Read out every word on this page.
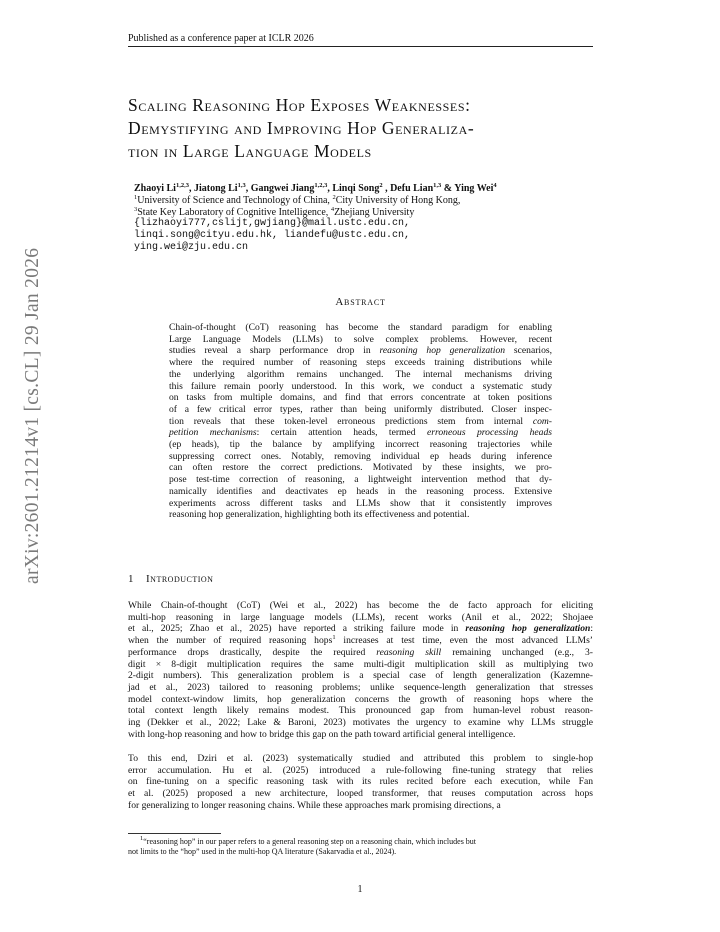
Published as a conference paper at ICLR 2026
arXiv:2601.21214v1 [cs.CL] 29 Jan 2026
Scaling Reasoning Hop Exposes Weaknesses:
Demystifying and Improving Hop Generaliza-
tion in Large Language Models
Zhaoyi Li$^{1,2,3}$, Jiatong Li$^{1,3}$, Gangwei Jiang$^{1,2,3}$, Linqi Song$^2$ , Defu Lian$^{1,3}$ & Ying Wei$^4$
$^1$University of Science and Technology of China, $^2$City University of Hong Kong,
$^3$State Key Laboratory of Cognitive Intelligence, $^4$Zhejiang University
{lizhaoyi777,cslijt,gwjiang}@mail.ustc.edu.cn,
linqi.song@cityu.edu.hk, liandefu@ustc.edu.cn,
ying.wei@zju.edu.cn
Abstract
Chain-of-thought (CoT) reasoning has become the standard paradigm for enabling
Large Language Models (LLMs) to solve complex problems. However, recent
studies reveal a sharp performance drop in reasoning hop generalization scenarios,
where the required number of reasoning steps exceeds training distributions while
the underlying algorithm remains unchanged. The internal mechanisms driving
this failure remain poorly understood. In this work, we conduct a systematic study
on tasks from multiple domains, and find that errors concentrate at token positions
of a few critical error types, rather than being uniformly distributed. Closer inspec-
tion reveals that these token-level erroneous predictions stem from internal com-
petition mechanisms: certain attention heads, termed erroneous processing heads
(ep heads), tip the balance by amplifying incorrect reasoning trajectories while
suppressing correct ones. Notably, removing individual ep heads during inference
can often restore the correct predictions. Motivated by these insights, we pro-
pose test-time correction of reasoning, a lightweight intervention method that dy-
namically identifies and deactivates ep heads in the reasoning process. Extensive
experiments across different tasks and LLMs show that it consistently improves
reasoning hop generalization, highlighting both its effectiveness and potential.
1 Introduction
While Chain-of-thought (CoT) (Wei et al., 2022) has become the de facto approach for eliciting
multi-hop reasoning in large language models (LLMs), recent works (Anil et al., 2022; Shojaee
et al., 2025; Zhao et al., 2025) have reported a striking failure mode in reasoning hop generalization:
when the number of required reasoning hops$^1$ increases at test time, even the most advanced LLMs’
performance drops drastically, despite the required reasoning skill remaining unchanged (e.g., 3-
digit × 8-digit multiplication requires the same multi-digit multiplication skill as multiplying two
2-digit numbers). This generalization problem is a special case of length generalization (Kazemne-
jad et al., 2023) tailored to reasoning problems; unlike sequence-length generalization that stresses
model context-window limits, hop generalization concerns the growth of reasoning hops where the
total context length likely remains modest. This pronounced gap from human-level robust reason-
ing (Dekker et al., 2022; Lake & Baroni, 2023) motivates the urgency to examine why LLMs struggle
with long-hop reasoning and how to bridge this gap on the path toward artificial general intelligence.
To this end, Dziri et al. (2023) systematically studied and attributed this problem to single-hop
error accumulation. Hu et al. (2025) introduced a rule-following fine-tuning strategy that relies
on fine-tuning on a specific reasoning task with its rules recited before each execution, while Fan
et al. (2025) proposed a new architecture, looped transformer, that reuses computation across hops
for generalizing to longer reasoning chains. While these approaches mark promising directions, a
$^1$“reasoning hop” in our paper refers to a general reasoning step on a reasoning chain, which includes but
not limits to the “hop” used in the multi-hop QA literature (Sakarvadia et al., 2024).
1
